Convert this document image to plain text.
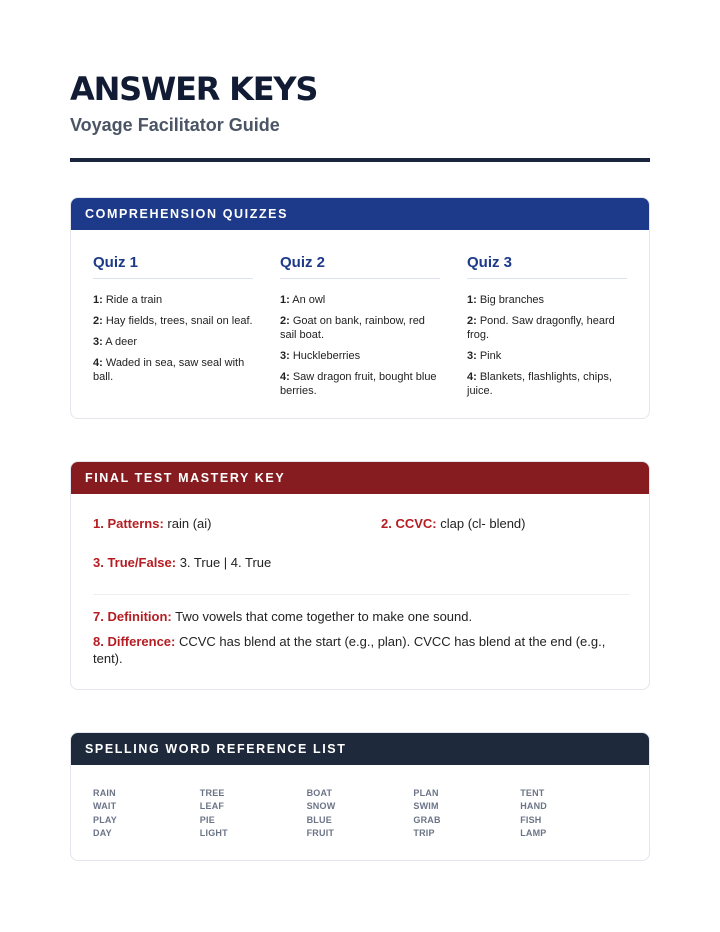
ANSWER KEYS
Voyage Facilitator Guide
COMPREHENSION QUIZZES
Quiz 1
1: Ride a train
2: Hay fields, trees, snail on leaf.
3: A deer
4: Waded in sea, saw seal with ball.
Quiz 2
1: An owl
2: Goat on bank, rainbow, red sail boat.
3: Huckleberries
4: Saw dragon fruit, bought blue berries.
Quiz 3
1: Big branches
2: Pond. Saw dragonfly, heard frog.
3: Pink
4: Blankets, flashlights, chips, juice.
FINAL TEST MASTERY KEY
1. Patterns: rain (ai)	2. CCVC: clap (cl- blend)
3. True/False: 3. True | 4. True
7. Definition: Two vowels that come together to make one sound.
8. Difference: CCVC has blend at the start (e.g., plan). CVCC has blend at the end (e.g., tent).
SPELLING WORD REFERENCE LIST
RAIN
WAIT
PLAY
DAY
TREE
LEAF
PIE
LIGHT
BOAT
SNOW
BLUE
FRUIT
PLAN
SWIM
GRAB
TRIP
TENT
HAND
FISH
LAMP
